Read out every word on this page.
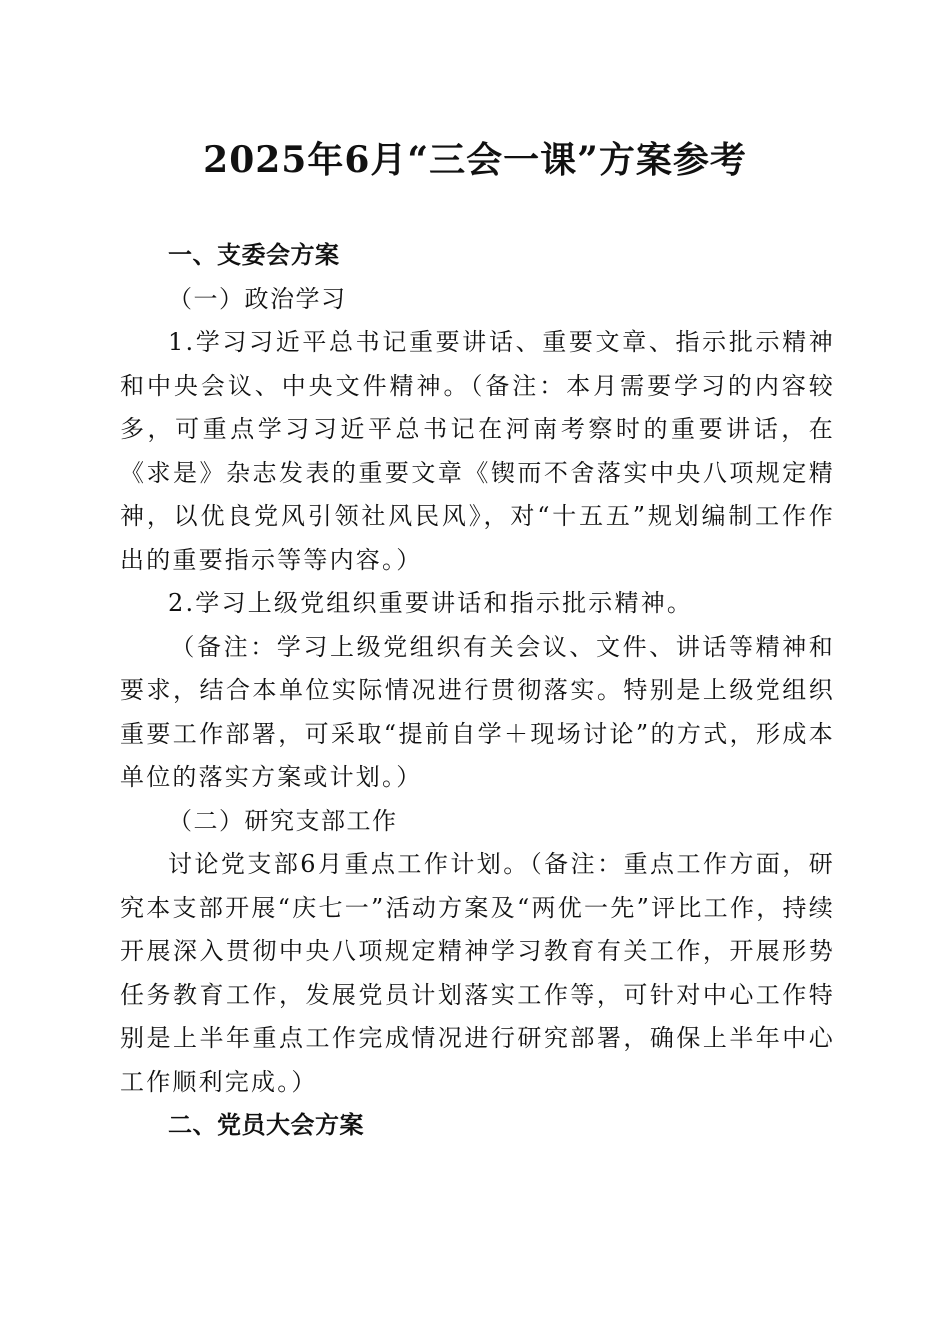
2025年6月“三会一课”方案参考

一、支委会方案

（一）政治学习

1.学习习近平总书记重要讲话、重要文章、指示批示精神和中央会议、中央文件精神。（备注：本月需要学习的内容较多，可重点学习习近平总书记在河南考察时的重要讲话，在《求是》杂志发表的重要文章《锲而不舍落实中央八项规定精神，以优良党风引领社风民风》，对“十五五”规划编制工作作出的重要指示等等内容。）

2.学习上级党组织重要讲话和指示批示精神。

（备注：学习上级党组织有关会议、文件、讲话等精神和要求，结合本单位实际情况进行贯彻落实。特别是上级党组织重要工作部署，可采取“提前自学＋现场讨论”的方式，形成本单位的落实方案或计划。）

（二）研究支部工作

讨论党支部6月重点工作计划。（备注：重点工作方面，研究本支部开展“庆七一”活动方案及“两优一先”评比工作，持续开展深入贯彻中央八项规定精神学习教育有关工作，开展形势任务教育工作，发展党员计划落实工作等，可针对中心工作特别是上半年重点工作完成情况进行研究部署，确保上半年中心工作顺利完成。）

二、党员大会方案
